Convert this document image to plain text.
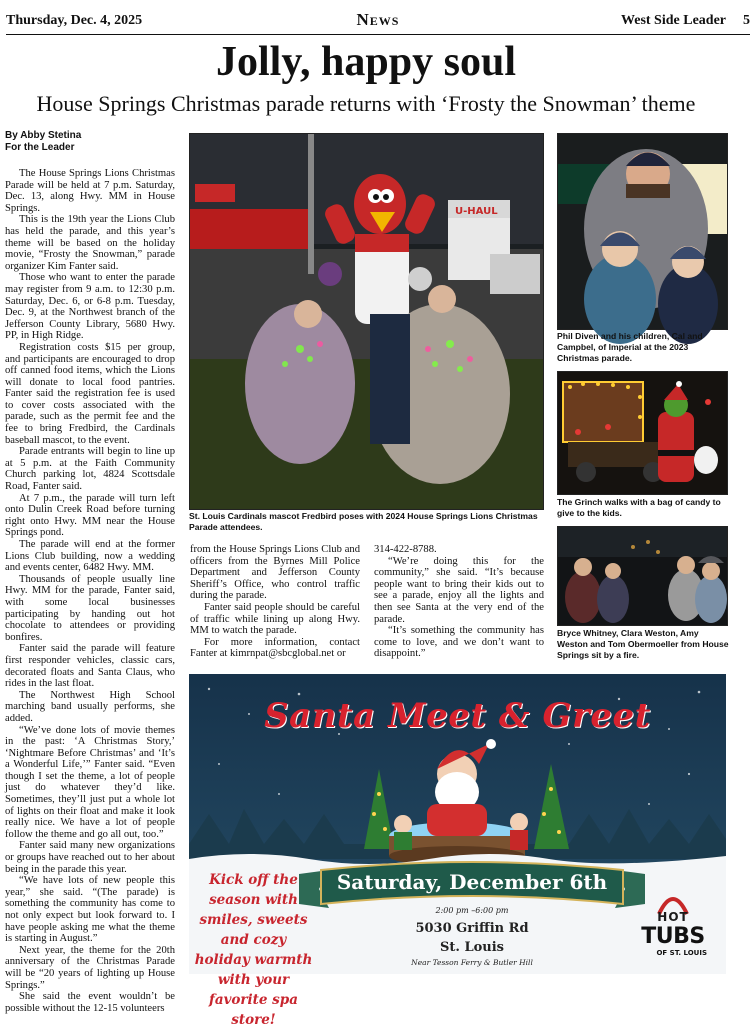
Thursday, Dec. 4, 2025	News	West Side Leader 5
Jolly, happy soul
House Springs Christmas parade returns with ‘Frosty the Snowman’ theme
By Abby Stetina
For the Leader

The House Springs Lions Christmas Parade will be held at 7 p.m. Saturday, Dec. 13, along Hwy. MM in House Springs.

This is the 19th year the Lions Club has held the parade, and this year’s theme will be based on the holiday movie, “Frosty the Snowman,” parade organizer Kim Fanter said.

Those who want to enter the parade may register from 9 a.m. to 12:30 p.m. Saturday, Dec. 6, or 6-8 p.m. Tuesday, Dec. 9, at the Northwest branch of the Jefferson County Library, 5680 Hwy. PP, in High Ridge.

Registration costs $15 per group, and participants are encouraged to drop off canned food items, which the Lions will donate to local food pantries. Fanter said the registration fee is used to cover costs associated with the parade, such as the permit fee and the fee to bring Fredbird, the Cardinals baseball mascot, to the event.

Parade entrants will begin to line up at 5 p.m. at the Faith Community Church parking lot, 4824 Scottsdale Road, Fanter said.

At 7 p.m., the parade will turn left onto Dulin Creek Road before turning right onto Hwy. MM near the House Springs pond.

The parade will end at the former Lions Club building, now a wedding and events center, 6482 Hwy. MM.

Thousands of people usually line Hwy. MM for the parade, Fanter said, with some local businesses participating by handing out hot chocolate to attendees or providing bonfires.

Fanter said the parade will feature first responder vehicles, classic cars, decorated floats and Santa Claus, who rides in the last float.

The Northwest High School marching band usually performs, she added.

“We’ve done lots of movie themes in the past: ‘A Christmas Story,’ ‘Nightmare Before Christmas’ and ‘It’s a Wonderful Life,’” Fanter said. “Even though I set the theme, a lot of people just do whatever they’d like. Sometimes, they’ll just put a whole lot of lights on their float and make it look really nice. We have a lot of people follow the theme and go all out, too.”

Fanter said many new organizations or groups have reached out to her about being in the parade this year.

“We have lots of new people this year,” she said. “(The parade) is something the community has come to not only expect but look forward to. I have people asking me what the theme is starting in August.”

Next year, the theme for the 20th anniversary of the Christmas Parade will be “20 years of lighting up House Springs.”

She said the event wouldn’t be possible without the 12-15 volunteers

from the House Springs Lions Club and officers from the Byrnes Mill Police Department and Jefferson County Sheriff’s Office, who control traffic during the parade.

Fanter said people should be careful of traffic while lining up along Hwy. MM to watch the parade.

For more information, contact Fanter at kimrnpat@sbcglobal.net or

314-422-8788.

“We’re doing this for the community,” she said. “It’s because people want to bring their kids out to see a parade, enjoy all the lights and then see Santa at the very end of the parade.

“It’s something the community has come to love, and we don’t want to disappoint.”

U-HAUL
St. Louis Cardinals mascot Fredbird poses with 2024 House Springs Lions Christmas Parade attendees.
Phil Diven and his children, Cal and Campbel, of Imperial at the 2023 Christmas parade.
The Grinch walks with a bag of candy to give to the kids.
Bryce Whitney, Clara Weston, Amy Weston and Tom Obermoeller from House Springs sit by a fire.
Santa Meet & Greet
Kick off the season with smiles, sweets and cozy holiday warmth with your favorite spa store!
Saturday, December 6th
2:00 pm –6:00 pm
5030 Griffin Rd
St. Louis
Near Tesson Ferry & Butler Hill
HOT
TUBS
OF ST. LOUIS
